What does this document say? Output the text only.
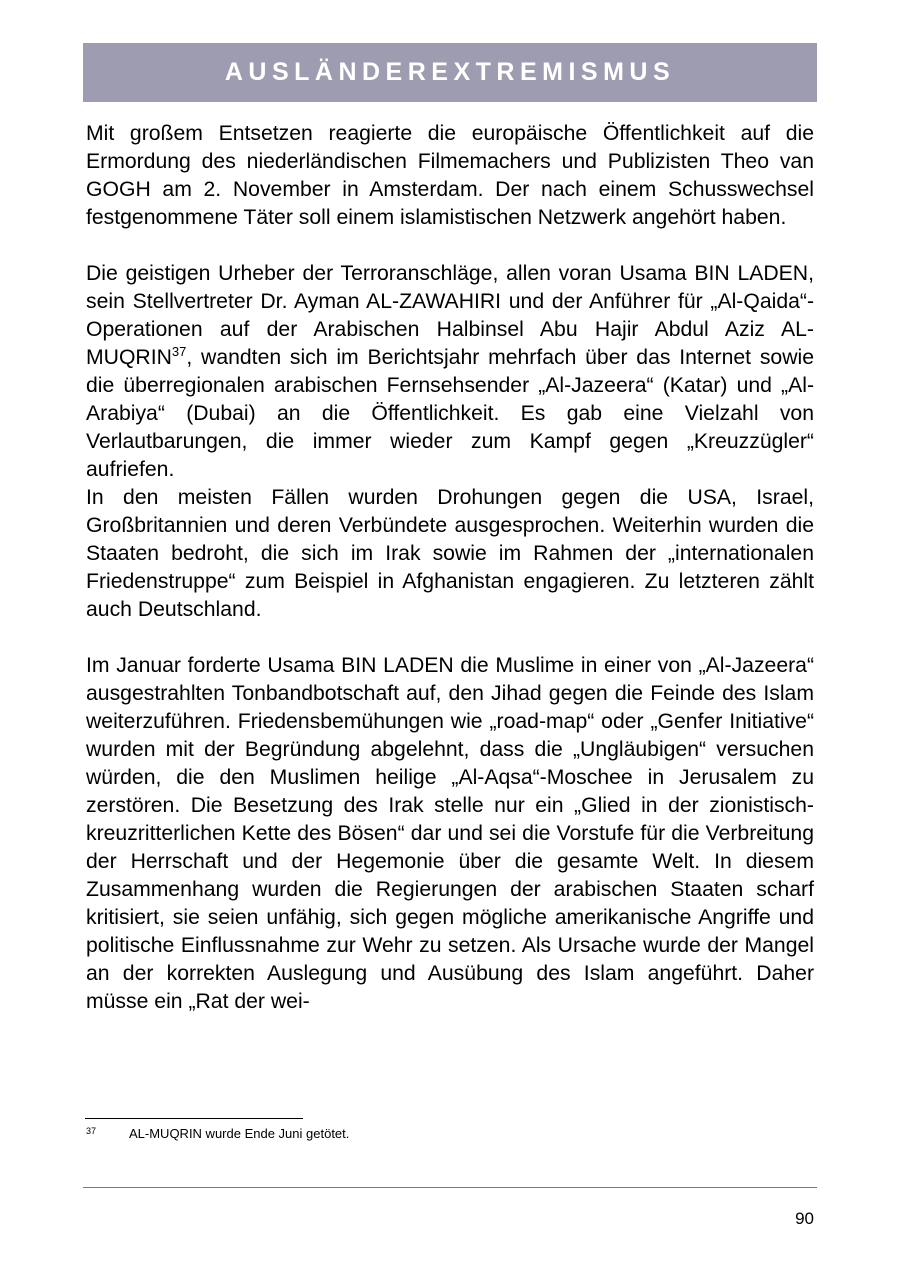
AUSLÄNDEREXTREMISMUS

Mit großem Entsetzen reagierte die europäische Öffentlichkeit auf die Ermordung des niederländischen Filmemachers und Publizisten Theo van GOGH am 2. November in Amsterdam. Der nach einem Schusswechsel festgenommene Täter soll einem islamistischen Netzwerk angehört haben.

Die geistigen Urheber der Terroranschläge, allen voran Usama BIN LADEN, sein Stellvertreter Dr. Ayman AL-ZAWAHIRI und der Anführer für „Al-Qaida“-Operationen auf der Arabischen Halbinsel Abu Hajir Abdul Aziz AL-MUQRIN$^{37}$, wandten sich im Berichtsjahr mehrfach über das Internet sowie die überregionalen arabischen Fernsehsender „Al-Jazeera“ (Katar) und „Al-Arabiya“ (Dubai) an die Öffentlichkeit. Es gab eine Vielzahl von Verlautbarungen, die immer wieder zum Kampf gegen „Kreuzzügler“ aufriefen.

In den meisten Fällen wurden Drohungen gegen die USA, Israel, Großbritannien und deren Verbündete ausgesprochen. Weiterhin wurden die Staaten bedroht, die sich im Irak sowie im Rahmen der „internationalen Friedenstruppe“ zum Beispiel in Afghanistan engagieren. Zu letzteren zählt auch Deutschland.

Im Januar forderte Usama BIN LADEN die Muslime in einer von „Al-Jazeera“ ausgestrahlten Tonbandbotschaft auf, den Jihad gegen die Feinde des Islam weiterzuführen. Friedensbemühungen wie „road-map“ oder „Genfer Initiative“ wurden mit der Begründung abgelehnt, dass die „Ungläubigen“ versuchen würden, die den Muslimen heilige „Al-Aqsa“-Moschee in Jerusalem zu zerstören. Die Besetzung des Irak stelle nur ein „Glied in der zionistisch-kreuzritterlichen Kette des Bösen“ dar und sei die Vorstufe für die Verbreitung der Herrschaft und der Hegemonie über die gesamte Welt. In diesem Zusammenhang wurden die Regierungen der arabischen Staaten scharf kritisiert, sie seien unfähig, sich gegen mögliche amerikanische Angriffe und politische Einflussnahme zur Wehr zu setzen. Als Ursache wurde der Mangel an der korrekten Auslegung und Ausübung des Islam angeführt. Daher müsse ein „Rat der wei-

37	AL-MUQRIN wurde Ende Juni getötet.
90
